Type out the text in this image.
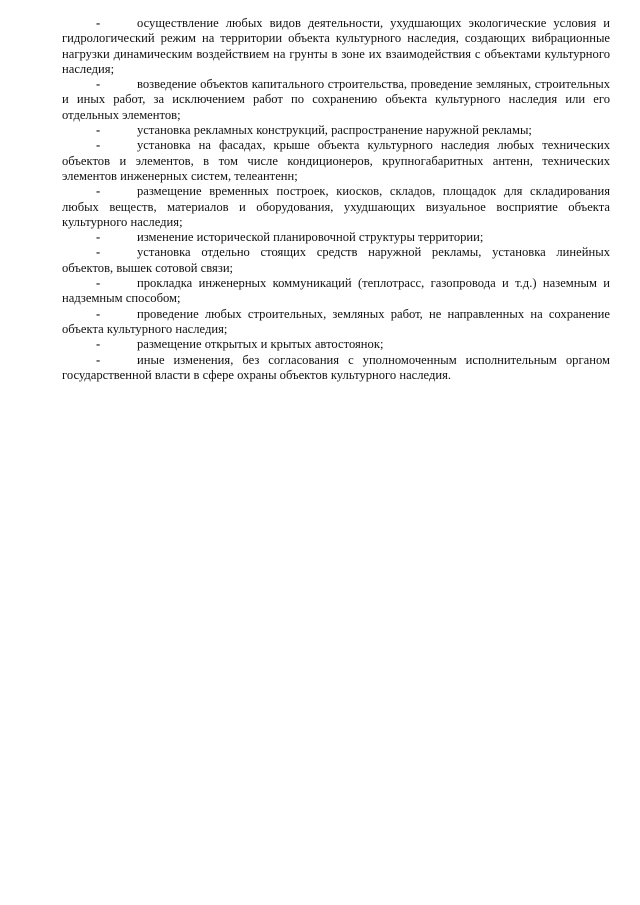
-	осуществление любых видов деятельности, ухудшающих экологические условия и гидрологический режим на территории объекта культурного наследия, создающих вибрационные нагрузки динамическим воздействием на грунты в зоне их взаимодействия с объектами культурного наследия;

-	возведение объектов капитального строительства, проведение земляных, строительных и иных работ, за исключением работ по сохранению объекта культурного наследия или его отдельных элементов;

-	установка рекламных конструкций, распространение наружной рекламы;

-	установка на фасадах, крыше объекта культурного наследия любых технических объектов и элементов, в том числе кондиционеров, крупногабаритных антенн, технических элементов инженерных систем, телеантенн;

-	размещение временных построек, киосков, складов, площадок для складирования любых веществ, материалов и оборудования, ухудшающих визуальное восприятие объекта культурного наследия;

-	изменение исторической планировочной структуры территории;

-	установка отдельно стоящих средств наружной рекламы, установка линейных объектов, вышек сотовой связи;

-	прокладка инженерных коммуникаций (теплотрасс, газопровода и т.д.) наземным и надземным способом;

-	проведение любых строительных, земляных работ, не направленных на сохранение объекта культурного наследия;

-	размещение открытых и крытых автостоянок;

-	иные изменения, без согласования с уполномоченным исполнительным органом государственной власти в сфере охраны объектов культурного наследия.
